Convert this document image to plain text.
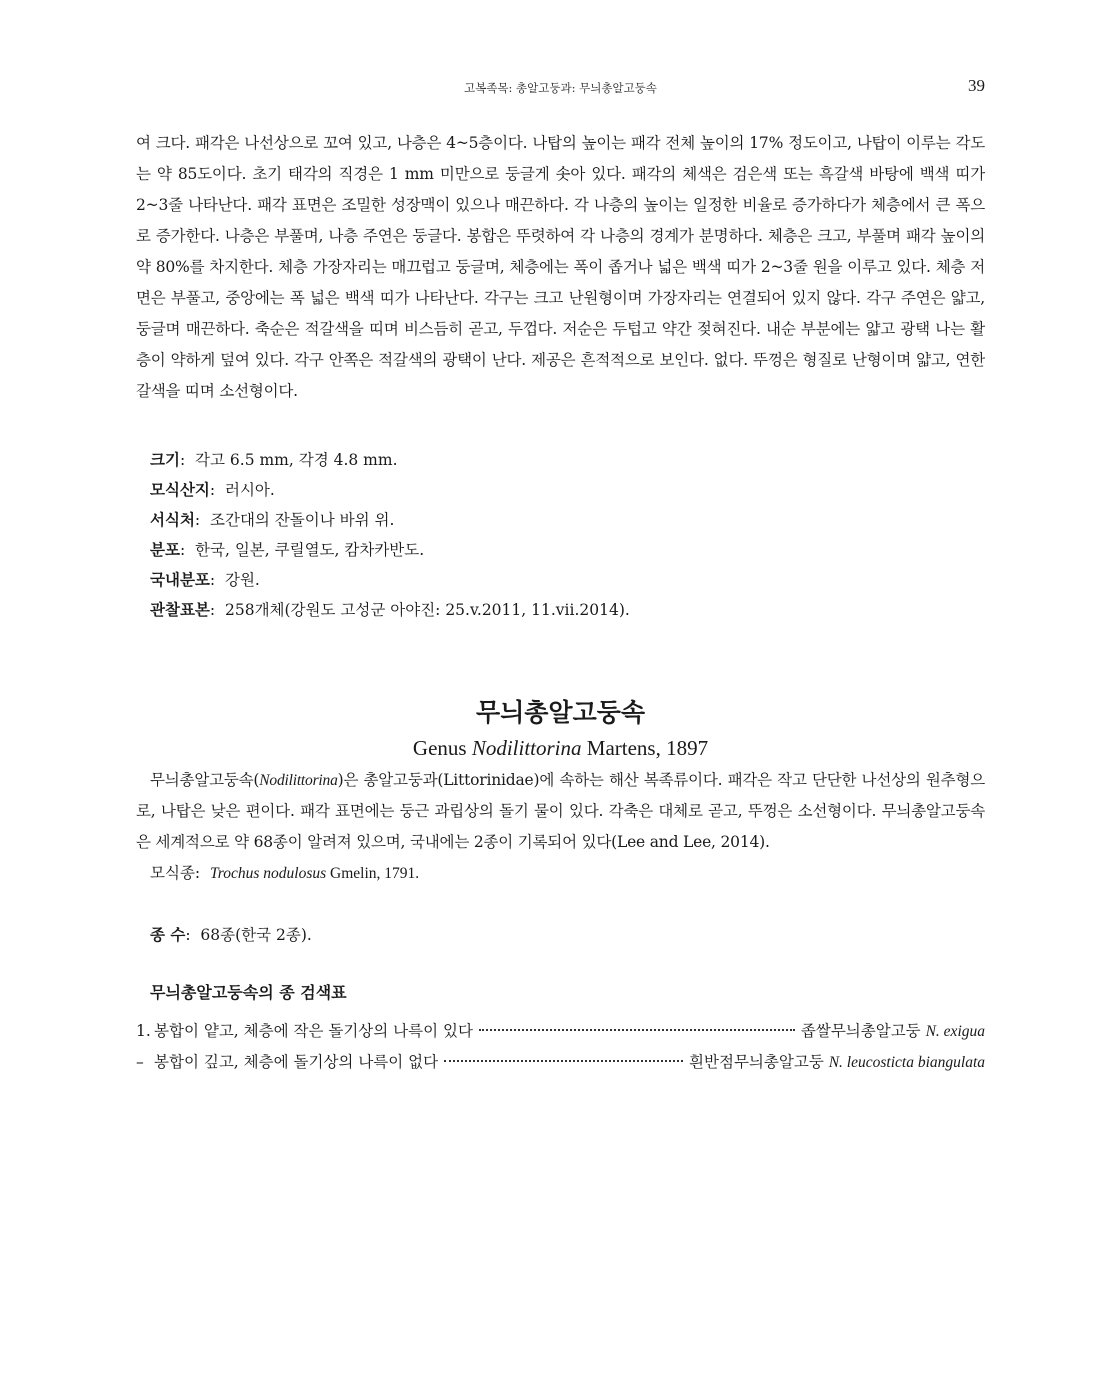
고복족목: 총알고둥과: 무늬총알고둥속	39

여 크다. 패각은 나선상으로 꼬여 있고, 나층은 4~5층이다. 나탑의 높이는 패각 전체 높이의 17% 정도이고, 나탑이 이루는 각도는 약 85도이다. 초기 태각의 직경은 1 mm 미만으로 둥글게 솟아 있다. 패각의 체색은 검은색 또는 흑갈색 바탕에 백색 띠가 2~3줄 나타난다. 패각 표면은 조밀한 성장맥이 있으나 매끈하다. 각 나층의 높이는 일정한 비율로 증가하다가 체층에서 큰 폭으로 증가한다. 나층은 부풀며, 나층 주연은 둥글다. 봉합은 뚜렷하여 각 나층의 경계가 분명하다. 체층은 크고, 부풀며 패각 높이의 약 80%를 차지한다. 체층 가장자리는 매끄럽고 둥글며, 체층에는 폭이 좁거나 넓은 백색 띠가 2~3줄 원을 이루고 있다. 체층 저면은 부풀고, 중앙에는 폭 넓은 백색 띠가 나타난다. 각구는 크고 난원형이며 가장자리는 연결되어 있지 않다. 각구 주연은 얇고, 둥글며 매끈하다. 축순은 적갈색을 띠며 비스듬히 곧고, 두껍다. 저순은 두텁고 약간 젖혀진다. 내순 부분에는 얇고 광택 나는 활층이 약하게 덮여 있다. 각구 안쪽은 적갈색의 광택이 난다. 제공은 흔적적으로 보인다. 없다. 뚜껑은 형질로 난형이며 얇고, 연한 갈색을 띠며 소선형이다.

크기:  각고 6.5 mm, 각경 4.8 mm.
모식산지:  러시아.
서식처:  조간대의 잔돌이나 바위 위.
분포:  한국, 일본, 쿠릴열도, 캄차카반도.
국내분포:  강원.
관찰표본:  258개체(강원도 고성군 아야진: 25.v.2011, 11.vii.2014).
무늬총알고둥속
Genus Nodilittorina Martens, 1897

무늬총알고둥속(Nodilittorina)은 총알고둥과(Littorinidae)에 속하는 해산 복족류이다. 패각은 작고 단단한 나선상의 원추형으로, 나탑은 낮은 편이다. 패각 표면에는 둥근 과립상의 돌기 물이 있다. 각축은 대체로 곧고, 뚜껑은 소선형이다. 무늬총알고둥속은 세계적으로 약 68종이 알려져 있으며, 국내에는 2종이 기록되어 있다(Lee and Lee, 2014).

모식종:  Trochus nodulosus Gmelin, 1791.
종 수:  68종(한국 2종).
무늬총알고둥속의 종 검색표
1. 봉합이 얕고, 체층에 작은 돌기상의 나륵이 있다	좁쌀무늬총알고둥 N. exigua
– 봉합이 깊고, 체층에 돌기상의 나륵이 없다	흰반점무늬총알고둥 N. leucosticta biangulata
